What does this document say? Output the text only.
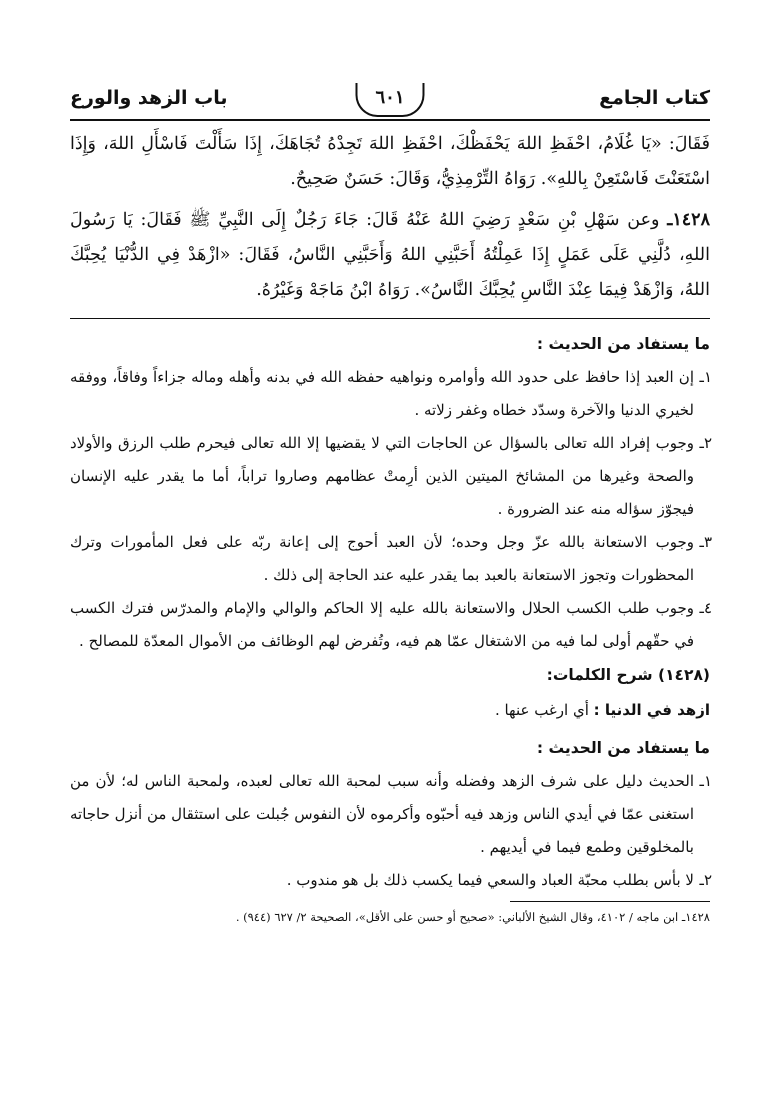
كتاب الجامع
٦٠١
باب الزهد والورع

فَقَالَ: «يَا غُلَامُ، احْفَظِ اللهَ يَحْفَظْكَ، احْفَظِ اللهَ تَجِدْهُ تُجَاهَكَ، إِذَا سَأَلْتَ فَاسْأَلِ اللهَ، وَإِذَا اسْتَعَنْتَ فَاسْتَعِنْ بِاللهِ». رَوَاهُ التِّرْمِذِيُّ، وَقَالَ: حَسَنٌ صَحِيحٌ.

١٤٢٨ـ وعن سَهْلِ بْنِ سَعْدٍ رَضِيَ اللهُ عَنْهُ قَالَ: جَاءَ رَجُلٌ إِلَى النَّبِيِّ ﷺ فَقَالَ: يَا رَسُولَ اللهِ، دُلَّنِي عَلَى عَمَلٍ إِذَا عَمِلْتُهُ أَحَبَّنِي اللهُ وَأَحَبَّنِي النَّاسُ، فَقَالَ: «ازْهَدْ فِي الدُّنْيَا يُحِبَّكَ اللهُ، وَازْهَدْ فِيمَا عِنْدَ النَّاسِ يُحِبَّكَ النَّاسُ». رَوَاهُ ابْنُ مَاجَهْ وَغَيْرُهُ.

ما يستفاد من الحديث :

١ـ
إن العبد إذا حافظ على حدود الله وأوامره ونواهيه حفظه الله في بدنه وأهله وماله جزاءاً وفاقاً، ووفقه لخيري الدنيا والآخرة وسدّد خطاه وغفر زلاته .

٢ـ
وجوب إفراد الله تعالى بالسؤال عن الحاجات التي لا يقضيها إلا الله تعالى فيحرم طلب الرزق والأولاد والصحة وغيرها من المشائخ الميتين الذين أرِمتْ عظامهم وصاروا تراباً، أما ما يقدر عليه الإنسان فيجوّز سؤاله منه عند الضرورة .

٣ـ
وجوب الاستعانة بالله عزّ وجل وحده؛ لأن العبد أحوج إلى إعانة ربّه على فعل المأمورات وترك المحظورات وتجوز الاستعانة بالعبد بما يقدر عليه عند الحاجة إلى ذلك .

٤ـ
وجوب طلب الكسب الحلال والاستعانة بالله عليه إلا الحاكم والوالي والإمام والمدرّس فترك الكسب في حقّهم أولى لما فيه من الاشتغال عمّا هم فيه، وتُفرض لهم الوظائف من الأموال المعدّة للمصالح .

(١٤٢٨) شرح الكلمات:

ازهد في الدنيا : أي ارغب عنها .

ما يستفاد من الحديث :

١ـ
الحديث دليل على شرف الزهد وفضله وأنه سبب لمحبة الله تعالى لعبده، ولمحبة الناس له؛ لأن من استغنى عمّا في أيدي الناس وزهد فيه أحبّوه وأكرموه لأن النفوس جُبلت على استثقال من أنزل حاجاته بالمخلوقين وطمع فيما في أيديهم .

٢ـ
لا بأس بطلب محبّة العباد والسعي فيما يكسب ذلك بل هو مندوب .

١٤٢٨ـ ابن ماجه / ٤١٠٢، وقال الشيخ الألباني: «صحيح أو حسن على الأقل»، الصحيحة ٢/ ٦٢٧ (٩٤٤) .
